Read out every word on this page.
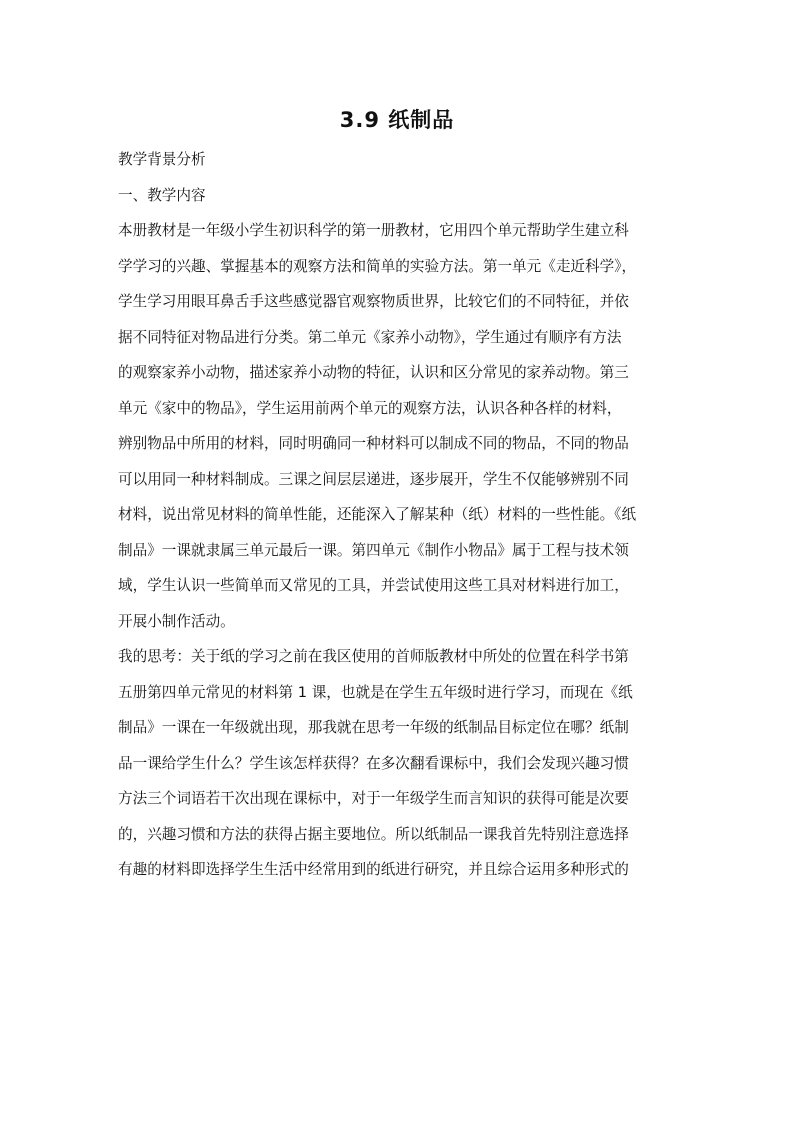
3.9 纸制品
教学背景分析
一、教学内容
本册教材是一年级小学生初识科学的第一册教材，它用四个单元帮助学生建立科
学学习的兴趣、掌握基本的观察方法和简单的实验方法。第一单元《走近科学》，
学生学习用眼耳鼻舌手这些感觉器官观察物质世界，比较它们的不同特征，并依
据不同特征对物品进行分类。第二单元《家养小动物》，学生通过有顺序有方法
的观察家养小动物，描述家养小动物的特征，认识和区分常见的家养动物。第三
单元《家中的物品》，学生运用前两个单元的观察方法，认识各种各样的材料，
辨别物品中所用的材料，同时明确同一种材料可以制成不同的物品，不同的物品
可以用同一种材料制成。三课之间层层递进，逐步展开，学生不仅能够辨别不同
材料，说出常见材料的简单性能，还能深入了解某种（纸）材料的一些性能。《纸
制品》一课就隶属三单元最后一课。第四单元《制作小物品》属于工程与技术领
域，学生认识一些简单而又常见的工具，并尝试使用这些工具对材料进行加工，
开展小制作活动。
我的思考：关于纸的学习之前在我区使用的首师版教材中所处的位置在科学书第
五册第四单元常见的材料第 1 课，也就是在学生五年级时进行学习，而现在《纸
制品》一课在一年级就出现，那我就在思考一年级的纸制品目标定位在哪？纸制
品一课给学生什么？学生该怎样获得？在多次翻看课标中，我们会发现兴趣习惯
方法三个词语若干次出现在课标中，对于一年级学生而言知识的获得可能是次要
的，兴趣习惯和方法的获得占据主要地位。所以纸制品一课我首先特别注意选择
有趣的材料即选择学生生活中经常用到的纸进行研究，并且综合运用多种形式的
